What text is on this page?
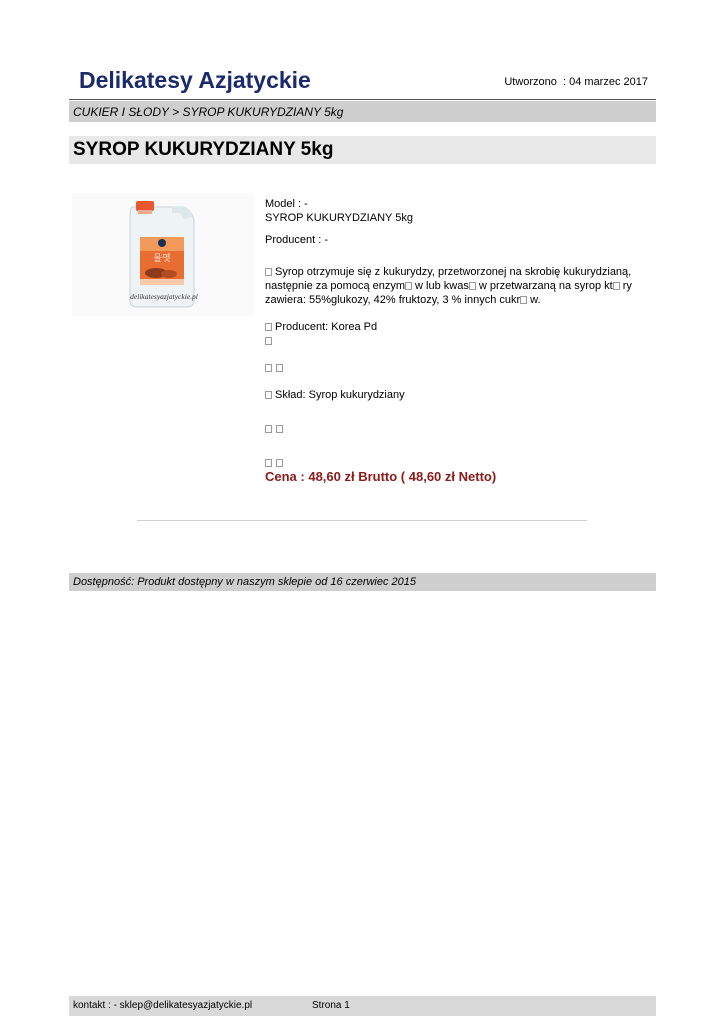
Delikatesy Azjatyckie	Utworzono  : 04 marzec 2017
CUKIER I SŁODY > SYROP KUKURYDZIANY 5kg
SYROP KUKURYDZIANY 5kg
물엿
delikatesyazjatyckie.pl

Model : -

SYROP KUKURYDZIANY 5kg

Producent : -

Syrop otrzymuje się z kukurydzy, przetworzonej na skrobię kukurydzianą,

następnie za pomocą enzym w lub kwas w przetwarzaną na syrop kt ry

zawiera: 55%glukozy, 42% fruktozy, 3 % innych cukr w.

Producent: Korea Pd

Skład: Syrop kukurydziany

Cena : 48,60 zł Brutto ( 48,60 zł Netto)

Dostępność: Produkt dostępny w naszym sklepie od 16 czerwiec 2015
kontakt : - sklep@delikatesyazjatyckie.pl	Strona 1
